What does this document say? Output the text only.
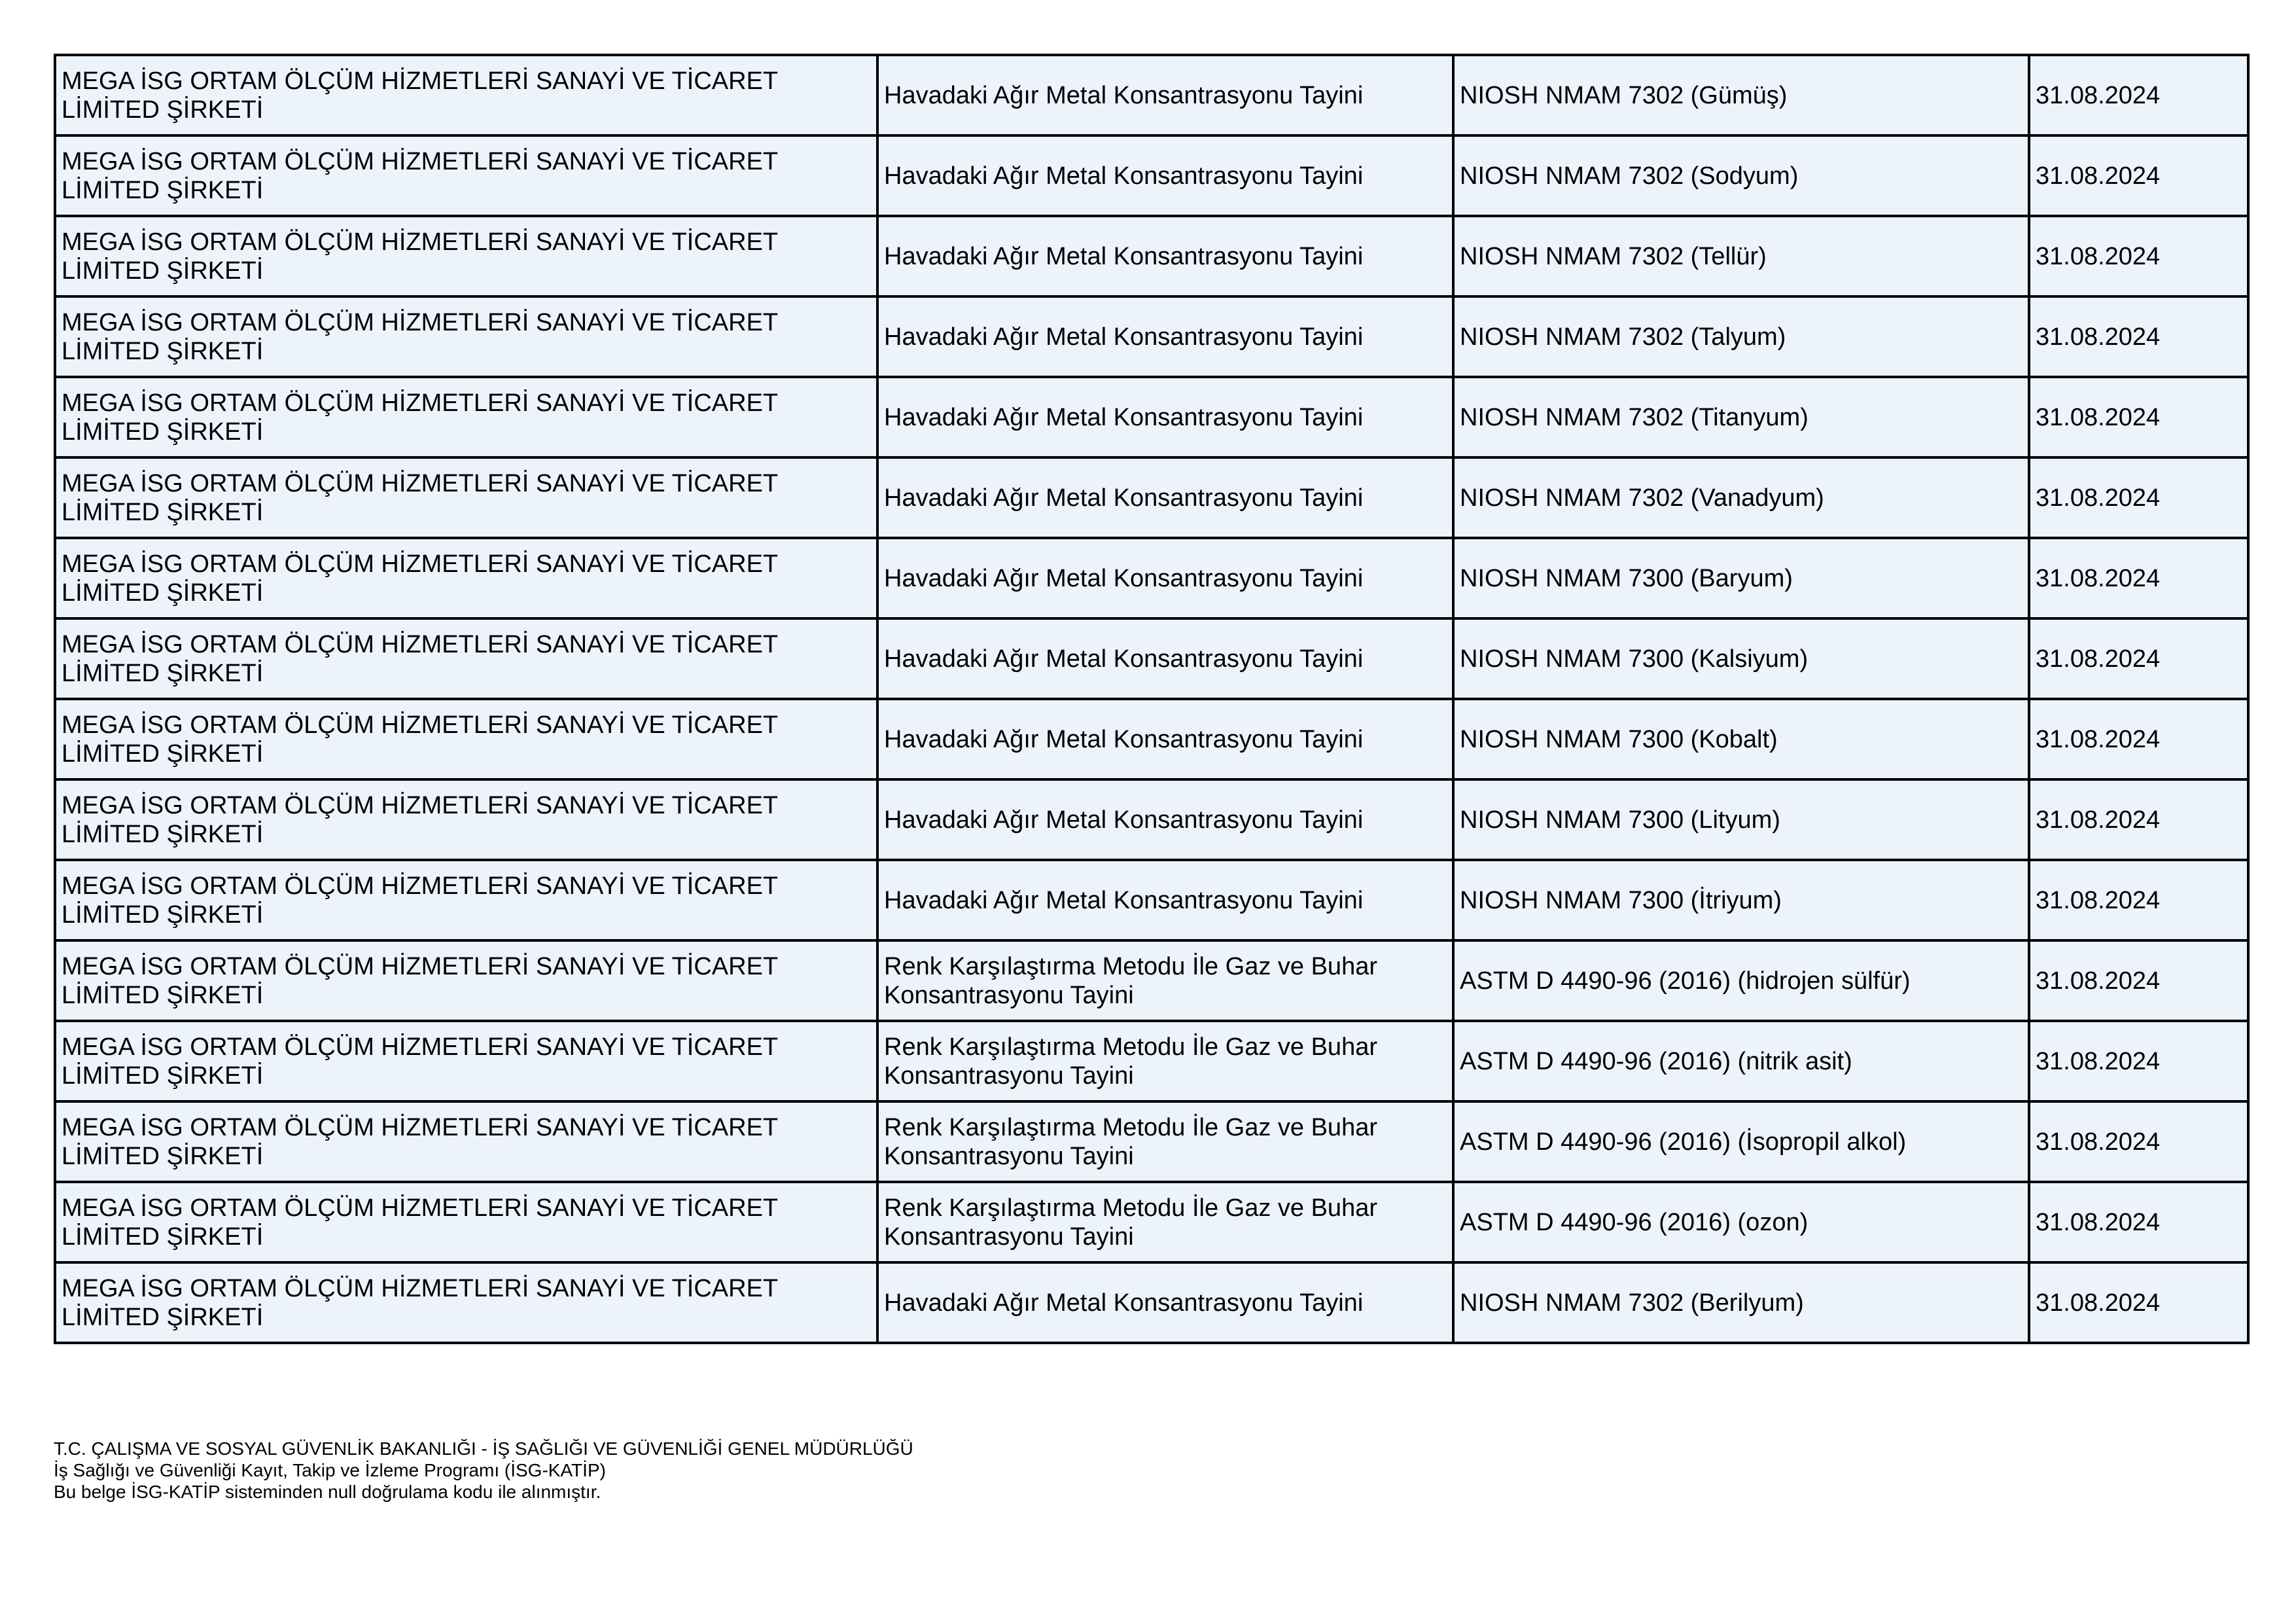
MEGA İSG ORTAM ÖLÇÜM HİZMETLERİ SANAYİ VE TİCARET LİMİTED ŞİRKETİ	Havadaki Ağır Metal Konsantrasyonu Tayini	NIOSH NMAM 7302 (Gümüş)	31.08.2024
MEGA İSG ORTAM ÖLÇÜM HİZMETLERİ SANAYİ VE TİCARET LİMİTED ŞİRKETİ	Havadaki Ağır Metal Konsantrasyonu Tayini	NIOSH NMAM 7302 (Sodyum)	31.08.2024
MEGA İSG ORTAM ÖLÇÜM HİZMETLERİ SANAYİ VE TİCARET LİMİTED ŞİRKETİ	Havadaki Ağır Metal Konsantrasyonu Tayini	NIOSH NMAM 7302 (Tellür)	31.08.2024
MEGA İSG ORTAM ÖLÇÜM HİZMETLERİ SANAYİ VE TİCARET LİMİTED ŞİRKETİ	Havadaki Ağır Metal Konsantrasyonu Tayini	NIOSH NMAM 7302 (Talyum)	31.08.2024
MEGA İSG ORTAM ÖLÇÜM HİZMETLERİ SANAYİ VE TİCARET LİMİTED ŞİRKETİ	Havadaki Ağır Metal Konsantrasyonu Tayini	NIOSH NMAM 7302 (Titanyum)	31.08.2024
MEGA İSG ORTAM ÖLÇÜM HİZMETLERİ SANAYİ VE TİCARET LİMİTED ŞİRKETİ	Havadaki Ağır Metal Konsantrasyonu Tayini	NIOSH NMAM 7302 (Vanadyum)	31.08.2024
MEGA İSG ORTAM ÖLÇÜM HİZMETLERİ SANAYİ VE TİCARET LİMİTED ŞİRKETİ	Havadaki Ağır Metal Konsantrasyonu Tayini	NIOSH NMAM 7300 (Baryum)	31.08.2024
MEGA İSG ORTAM ÖLÇÜM HİZMETLERİ SANAYİ VE TİCARET LİMİTED ŞİRKETİ	Havadaki Ağır Metal Konsantrasyonu Tayini	NIOSH NMAM 7300 (Kalsiyum)	31.08.2024
MEGA İSG ORTAM ÖLÇÜM HİZMETLERİ SANAYİ VE TİCARET LİMİTED ŞİRKETİ	Havadaki Ağır Metal Konsantrasyonu Tayini	NIOSH NMAM 7300 (Kobalt)	31.08.2024
MEGA İSG ORTAM ÖLÇÜM HİZMETLERİ SANAYİ VE TİCARET LİMİTED ŞİRKETİ	Havadaki Ağır Metal Konsantrasyonu Tayini	NIOSH NMAM 7300 (Lityum)	31.08.2024
MEGA İSG ORTAM ÖLÇÜM HİZMETLERİ SANAYİ VE TİCARET LİMİTED ŞİRKETİ	Havadaki Ağır Metal Konsantrasyonu Tayini	NIOSH NMAM 7300 (İtriyum)	31.08.2024
MEGA İSG ORTAM ÖLÇÜM HİZMETLERİ SANAYİ VE TİCARET LİMİTED ŞİRKETİ	Renk Karşılaştırma Metodu İle Gaz ve Buhar Konsantrasyonu Tayini	ASTM D 4490-96 (2016) (hidrojen sülfür)	31.08.2024
MEGA İSG ORTAM ÖLÇÜM HİZMETLERİ SANAYİ VE TİCARET LİMİTED ŞİRKETİ	Renk Karşılaştırma Metodu İle Gaz ve Buhar Konsantrasyonu Tayini	ASTM D 4490-96 (2016) (nitrik asit)	31.08.2024
MEGA İSG ORTAM ÖLÇÜM HİZMETLERİ SANAYİ VE TİCARET LİMİTED ŞİRKETİ	Renk Karşılaştırma Metodu İle Gaz ve Buhar Konsantrasyonu Tayini	ASTM D 4490-96 (2016) (İsopropil alkol)	31.08.2024
MEGA İSG ORTAM ÖLÇÜM HİZMETLERİ SANAYİ VE TİCARET LİMİTED ŞİRKETİ	Renk Karşılaştırma Metodu İle Gaz ve Buhar Konsantrasyonu Tayini	ASTM D 4490-96 (2016) (ozon)	31.08.2024
MEGA İSG ORTAM ÖLÇÜM HİZMETLERİ SANAYİ VE TİCARET LİMİTED ŞİRKETİ	Havadaki Ağır Metal Konsantrasyonu Tayini	NIOSH NMAM 7302 (Berilyum)	31.08.2024
T.C. ÇALIŞMA VE SOSYAL GÜVENLİK BAKANLIĞI - İŞ SAĞLIĞI VE GÜVENLİĞİ GENEL MÜDÜRLÜĞÜ
İş Sağlığı ve Güvenliği Kayıt, Takip ve İzleme Programı (İSG-KATİP)
Bu belge İSG-KATİP sisteminden null doğrulama kodu ile alınmıştır.
